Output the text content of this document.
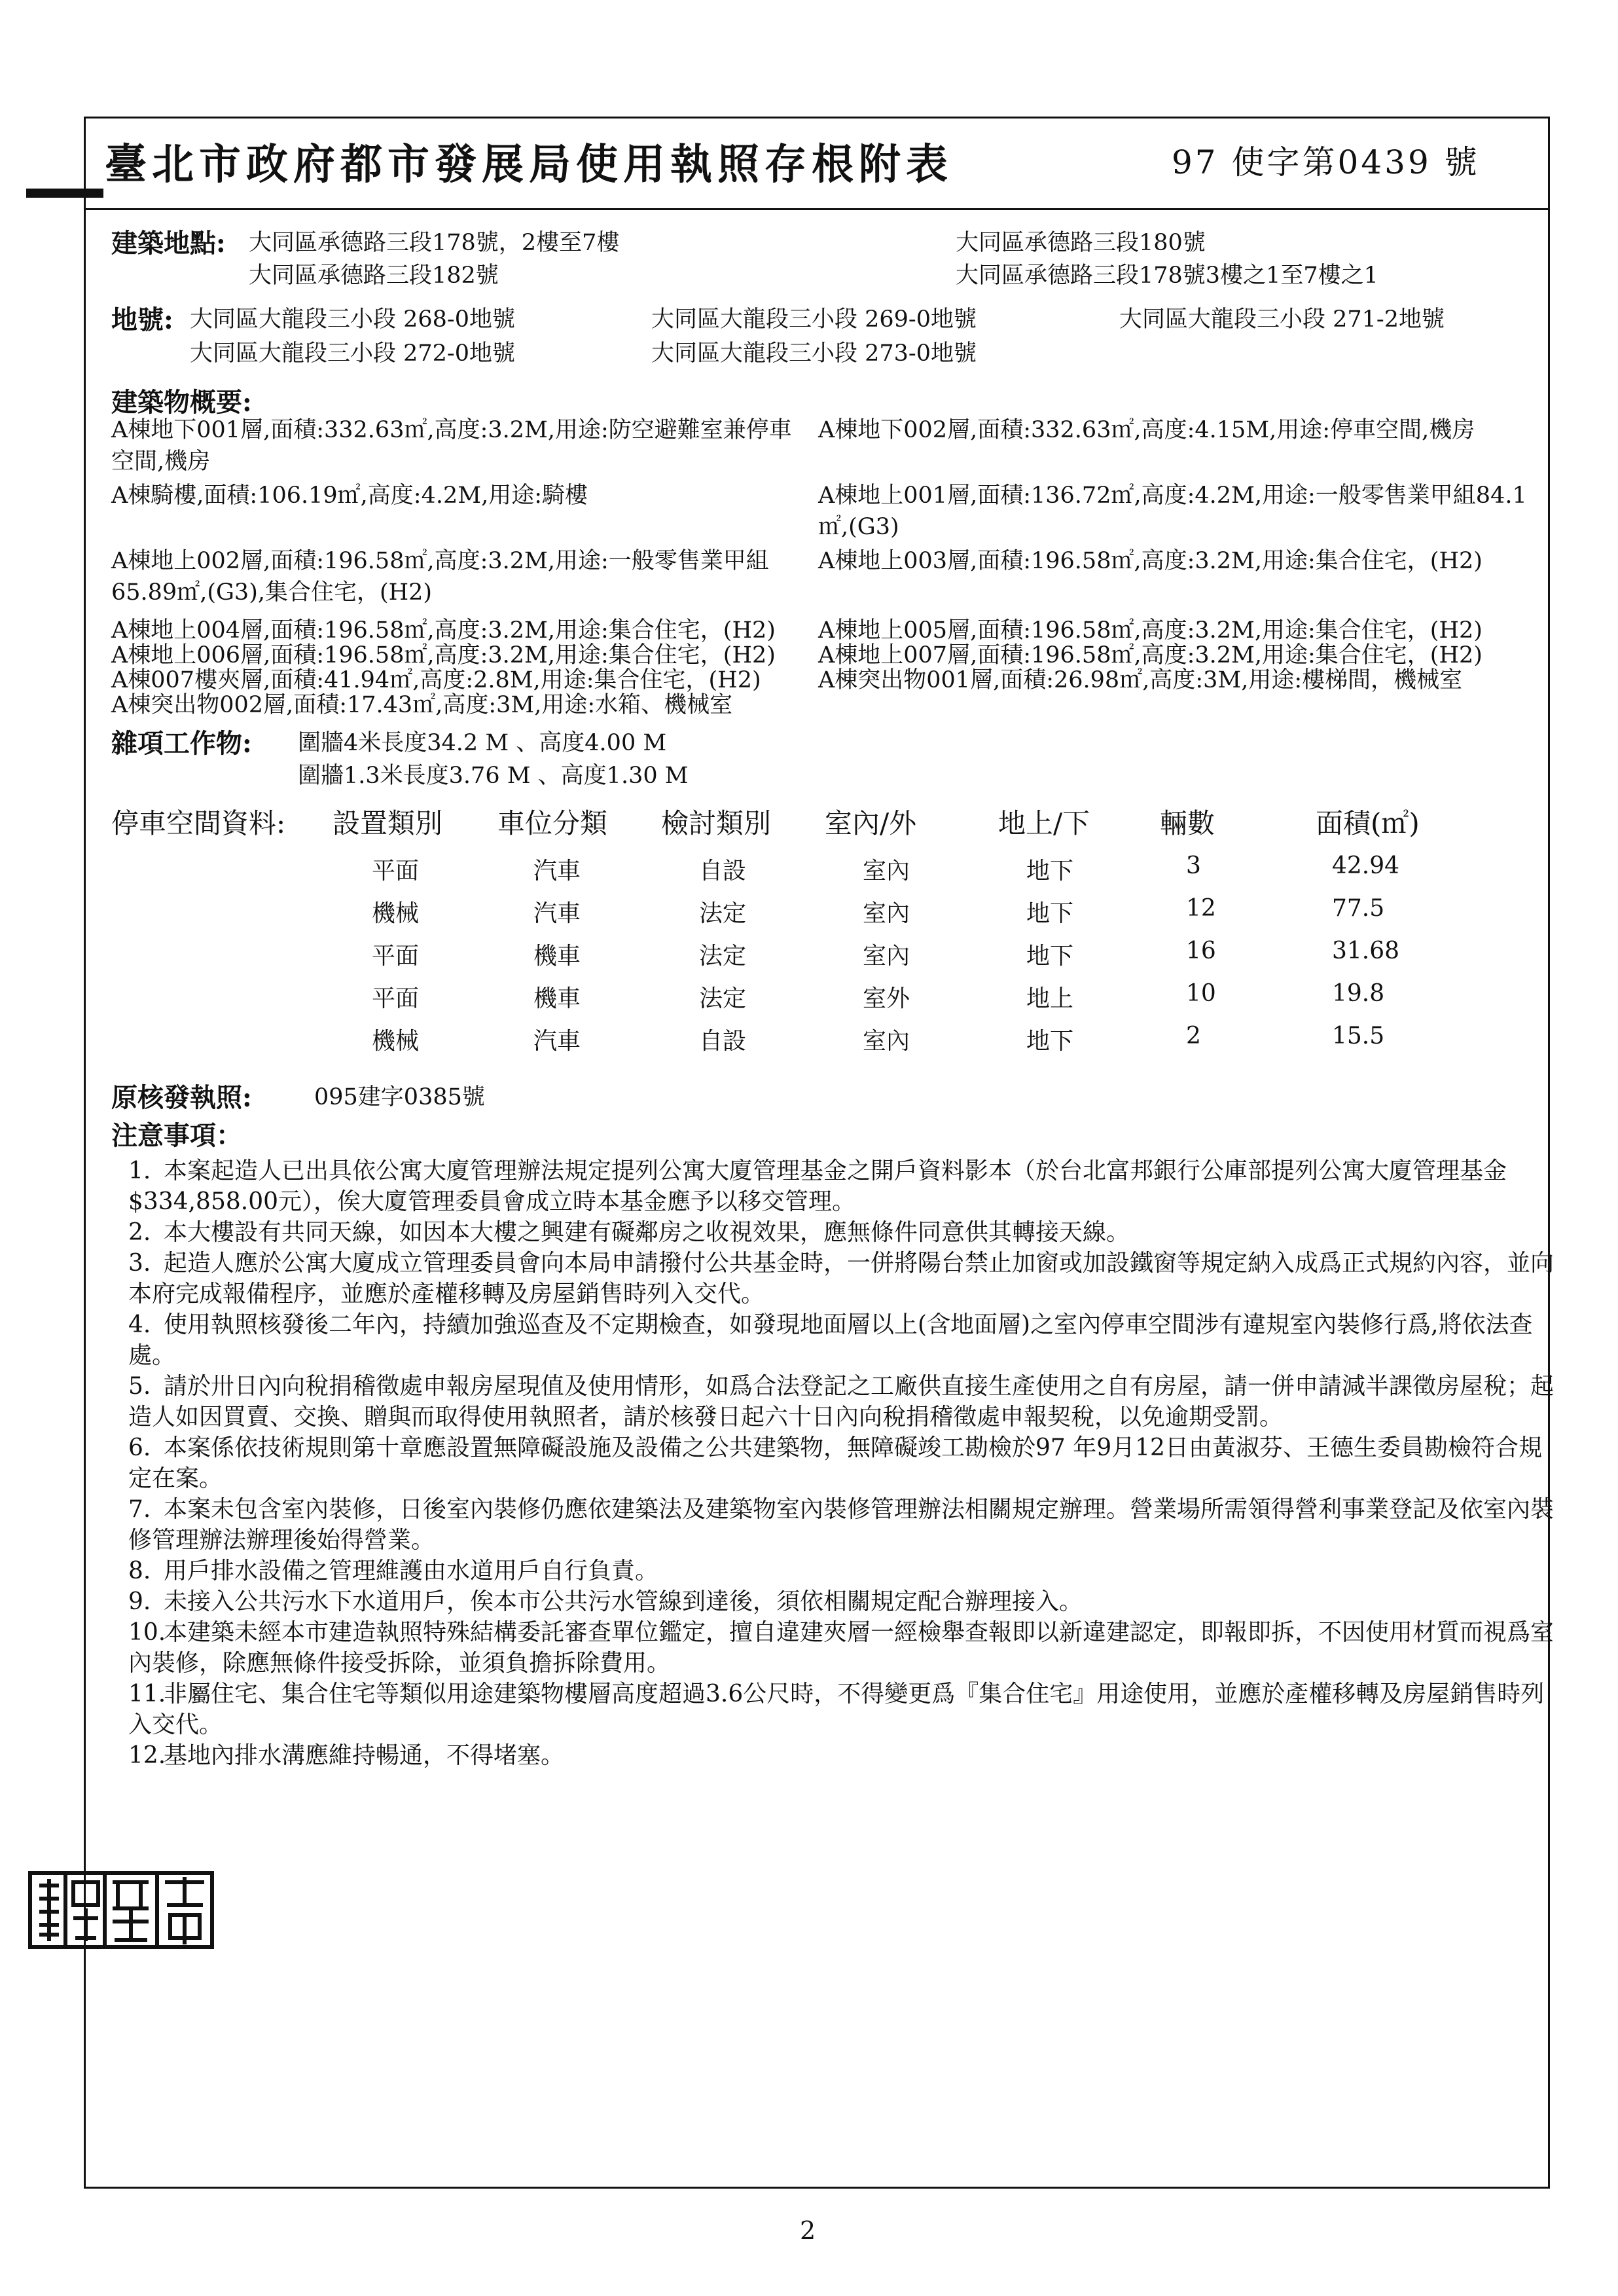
臺北市政府都市發展局使用執照存根附表	97 使字第0439 號
建築地點: 大同區承德路三段178號，2樓至7樓	大同區承德路三段180號
大同區承德路三段182號	大同區承德路三段178號3樓之1至7樓之1
地號: 大同區大龍段三小段 268-0地號	大同區大龍段三小段 269-0地號	大同區大龍段三小段 271-2地號
大同區大龍段三小段 272-0地號	大同區大龍段三小段 273-0地號
建築物概要:
A棟地下001層,面積:332.63㎡,高度:3.2M,用途:防空避難室兼停車空間,機房
A棟地下002層,面積:332.63㎡,高度:4.15M,用途:停車空間,機房
A棟騎樓,面積:106.19㎡,高度:4.2M,用途:騎樓	A棟地上001層,面積:136.72㎡,高度:4.2M,用途:一般零售業甲組84.1㎡,(G3)
A棟地上002層,面積:196.58㎡,高度:3.2M,用途:一般零售業甲組65.89㎡,(G3),集合住宅，(H2)
A棟地上003層,面積:196.58㎡,高度:3.2M,用途:集合住宅，(H2)
A棟地上004層,面積:196.58㎡,高度:3.2M,用途:集合住宅，(H2) A棟地上005層,面積:196.58㎡,高度:3.2M,用途:集合住宅，(H2)
A棟地上006層,面積:196.58㎡,高度:3.2M,用途:集合住宅，(H2) A棟地上007層,面積:196.58㎡,高度:3.2M,用途:集合住宅，(H2)
A棟007樓夾層,面積:41.94㎡,高度:2.8M,用途:集合住宅，(H2) A棟突出物001層,面積:26.98㎡,高度:3M,用途:樓梯間，機械室
A棟突出物002層,面積:17.43㎡,高度:3M,用途:水箱、機械室
雜項工作物: 圍牆4米長度34.2 M 、高度4.00 M
圍牆1.3米長度3.76 M 、高度1.30 M
停車空間資料: 設置類別 車位分類 檢討類別 室內/外	地上/下	輛數	面積(㎡)
平面	汽車	自設	室內	地下	3	42.94
機械	汽車	法定	室內	地下	12	77.5
平面	機車	法定	室內	地下	16	31.68
平面	機車	法定	室外	地上	10	19.8
機械	汽車	自設	室內	地下	2	15.5
原核發執照:	095建字0385號
注意事項：
1. 本案起造人已出具依公寓大廈管理辦法規定提列公寓大廈管理基金之開戶資料影本（於台北富邦銀行公庫部提列公寓大廈管理基金$334,858.00元），俟大廈管理委員會成立時本基金應予以移交管理。
2. 本大樓設有共同天線，如因本大樓之興建有礙鄰房之收視效果，應無條件同意供其轉接天線。
3. 起造人應於公寓大廈成立管理委員會向本局申請撥付公共基金時，一併將陽台禁止加窗或加設鐵窗等規定納入成爲正式規約內容，並向本府完成報備程序，並應於產權移轉及房屋銷售時列入交代。
4. 使用執照核發後二年內，持續加強巡查及不定期檢查，如發現地面層以上(含地面層)之室內停車空間涉有違規室內裝修行爲,將依法查處。
5. 請於卅日內向稅捐稽徵處申報房屋現值及使用情形，如爲合法登記之工廠供直接生產使用之自有房屋，請一併申請減半課徵房屋稅；起造人如因買賣、交換、贈與而取得使用執照者，請於核發日起六十日內向稅捐稽徵處申報契稅，以免逾期受罰。
6. 本案係依技術規則第十章應設置無障礙設施及設備之公共建築物，無障礙竣工勘檢於97 年9月12日由黃淑芬、王德生委員勘檢符合規定在案。
7. 本案未包含室內裝修，日後室內裝修仍應依建築法及建築物室內裝修管理辦法相關規定辦理。營業場所需領得營利事業登記及依室內裝修管理辦法辦理後始得營業。
8. 用戶排水設備之管理維護由水道用戶自行負責。
9. 未接入公共污水下水道用戶，俟本市公共污水管線到達後，須依相關規定配合辦理接入。
10.本建築未經本市建造執照特殊結構委託審查單位鑑定，擅自違建夾層一經檢舉查報即以新違建認定，即報即拆，不因使用材質而視爲室內裝修，除應無條件接受拆除，並須負擔拆除費用。
11.非屬住宅、集合住宅等類似用途建築物樓層高度超過3.6公尺時，不得變更爲『集合住宅』用途使用，並應於產權移轉及房屋銷售時列入交代。
12.基地內排水溝應維持暢通，不得堵塞。
2
